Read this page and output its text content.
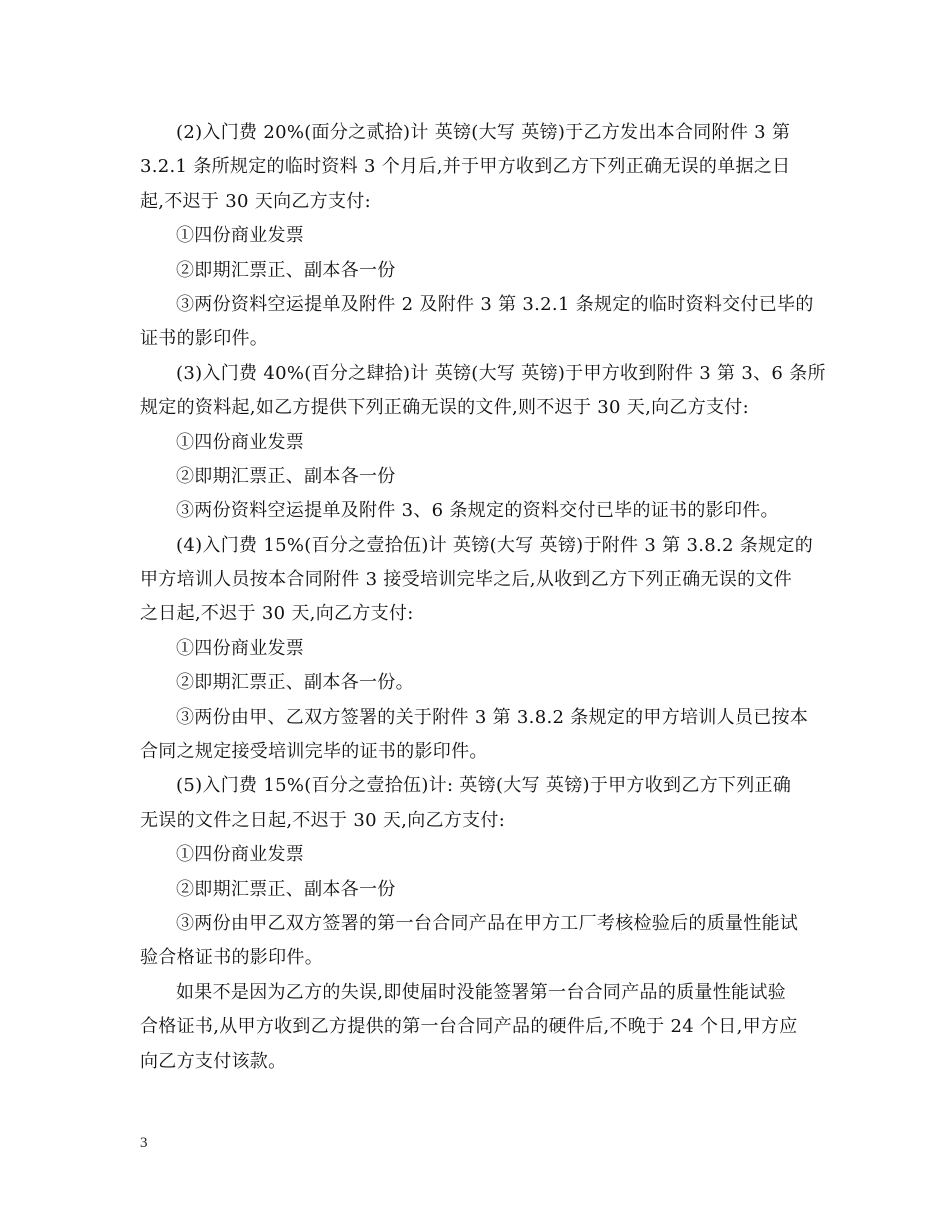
(2)入门费 20%(面分之贰拾)计 英镑(大写 英镑)于乙方发出本合同附件 3 第
3.2.1 条所规定的临时资料 3 个月后,并于甲方收到乙方下列正确无误的单据之日
起,不迟于 30 天向乙方支付:
①四份商业发票
②即期汇票正、副本各一份
③两份资料空运提单及附件 2 及附件 3 第 3.2.1 条规定的临时资料交付已毕的
证书的影印件。
(3)入门费 40%(百分之肆拾)计 英镑(大写 英镑)于甲方收到附件 3 第 3、6 条所
规定的资料起,如乙方提供下列正确无误的文件,则不迟于 30 天,向乙方支付:
①四份商业发票
②即期汇票正、副本各一份
③两份资料空运提单及附件 3、6 条规定的资料交付已毕的证书的影印件。
(4)入门费 15%(百分之壹拾伍)计 英镑(大写 英镑)于附件 3 第 3.8.2 条规定的
甲方培训人员按本合同附件 3 接受培训完毕之后,从收到乙方下列正确无误的文件
之日起,不迟于 30 天,向乙方支付:
①四份商业发票
②即期汇票正、副本各一份。
③两份由甲、乙双方签署的关于附件 3 第 3.8.2 条规定的甲方培训人员已按本
合同之规定接受培训完毕的证书的影印件。
(5)入门费 15%(百分之壹拾伍)计: 英镑(大写 英镑)于甲方收到乙方下列正确
无误的文件之日起,不迟于 30 天,向乙方支付:
①四份商业发票
②即期汇票正、副本各一份
③两份由甲乙双方签署的第一台合同产品在甲方工厂考核检验后的质量性能试
验合格证书的影印件。
如果不是因为乙方的失误,即使届时没能签署第一台合同产品的质量性能试验
合格证书,从甲方收到乙方提供的第一台合同产品的硬件后,不晚于 24 个日,甲方应
向乙方支付该款。
3
